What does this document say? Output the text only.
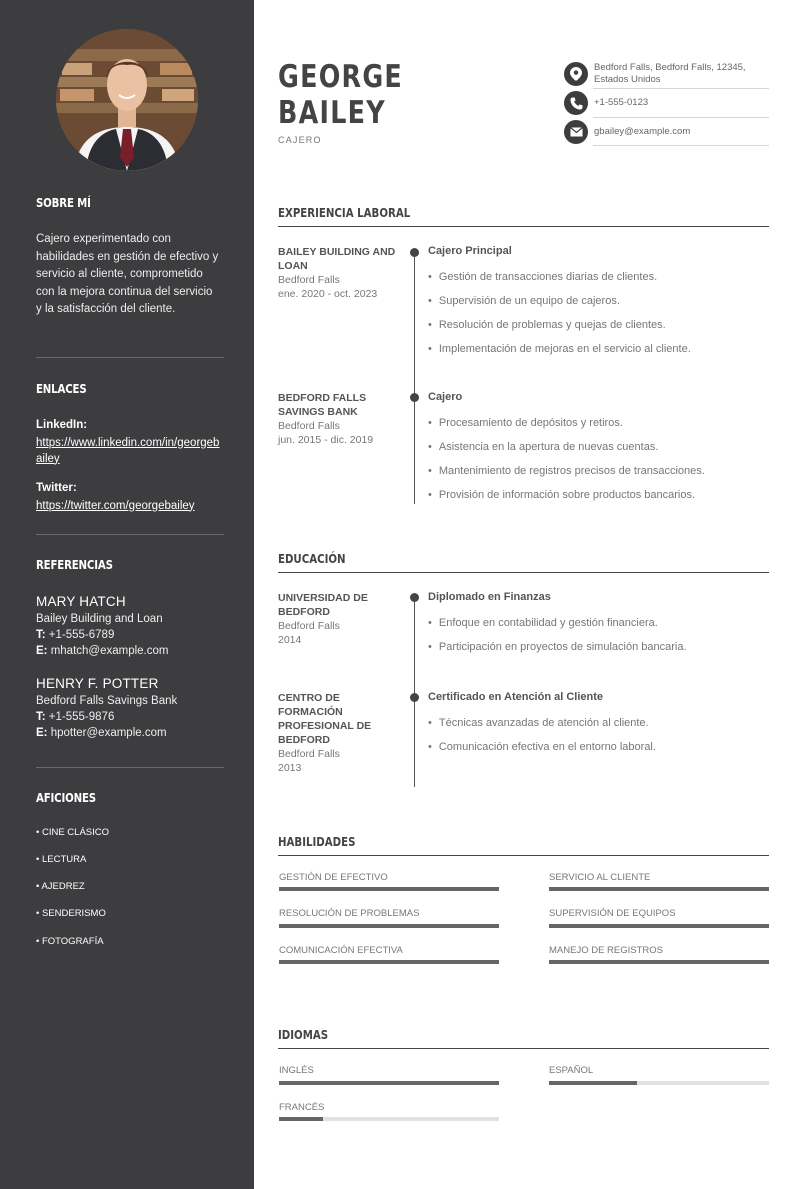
SOBRE MÍ
Cajero experimentado con habilidades en gestión de efectivo y servicio al cliente, comprometido con la mejora continua del servicio y la satisfacción del cliente.
ENLACES
LinkedIn:
https://www.linkedin.com/in/georgebailey
Twitter:
https://twitter.com/georgebailey
REFERENCIAS
MARY HATCH
Bailey Building and Loan
T: +1-555-6789
E: mhatch@example.com
HENRY F. POTTER
Bedford Falls Savings Bank
T: +1-555-9876
E: hpotter@example.com
AFICIONES
• CINE CLÁSICO
• LECTURA
• AJEDREZ
• SENDERISMO
• FOTOGRAFÍA
GEORGE
BAILEY
CAJERO
Bedford Falls, Bedford Falls, 12345, Estados Unidos
+1-555-0123
gbailey@example.com
EXPERIENCIA LABORAL
BAILEY BUILDING AND LOAN
Bedford Falls
ene. 2020 - oct. 2023
Cajero Principal
• Gestión de transacciones diarias de clientes.
• Supervisión de un equipo de cajeros.
• Resolución de problemas y quejas de clientes.
• Implementación de mejoras en el servicio al cliente.
BEDFORD FALLS SAVINGS BANK
Bedford Falls
jun. 2015 - dic. 2019
Cajero
• Procesamiento de depósitos y retiros.
• Asistencia en la apertura de nuevas cuentas.
• Mantenimiento de registros precisos de transacciones.
• Provisión de información sobre productos bancarios.
EDUCACIÓN
UNIVERSIDAD DE BEDFORD
Bedford Falls
2014
Diplomado en Finanzas
• Enfoque en contabilidad y gestión financiera.
• Participación en proyectos de simulación bancaria.
CENTRO DE FORMACIÓN PROFESIONAL DE BEDFORD
Bedford Falls
2013
Certificado en Atención al Cliente
• Técnicas avanzadas de atención al cliente.
• Comunicación efectiva en el entorno laboral.
HABILIDADES
GESTIÓN DE EFECTIVO	SERVICIO AL CLIENTE
RESOLUCIÓN DE PROBLEMAS	SUPERVISIÓN DE EQUIPOS
COMUNICACIÓN EFECTIVA	MANEJO DE REGISTROS
IDIOMAS
INGLÉS	ESPAÑOL
FRANCÉS
